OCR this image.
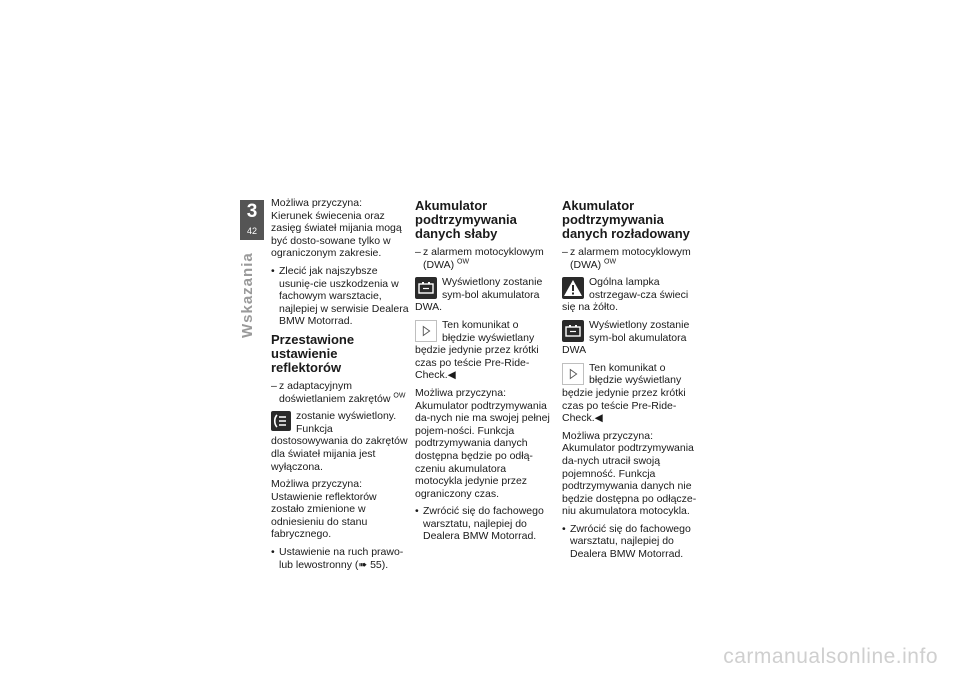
3
42
Wskazania
Możliwa przyczyna:
Kierunek świecenia oraz zasięg świateł mijania mogą być dosto-sowane tylko w ograniczonym zakresie.
• Zlecić jak najszybsze usunię-cie uszkodzenia w fachowym warsztacie, najlepiej w serwisie Dealera BMW Motorrad.
Przestawione ustawienie reflektorów
– z adaptacyjnym doświetlaniem zakrętów $^{OW}$
zostanie wyświetlony. Funkcja dostosowywania do zakrętów dla świateł mijania jest wyłączona.
Możliwa przyczyna:
Ustawienie reflektorów zostało zmienione w odniesieniu do stanu fabrycznego.
• Ustawienie na ruch prawo- lub lewostronny (➠ 55).
Akumulator podtrzymywania danych słaby
– z alarmem motocyklowym (DWA) $^{OW}$
Wyświetlony zostanie sym-bol akumulatora DWA.
Ten komunikat o błędzie wyświetlany będzie jedynie przez krótki czas po teście Pre-Ride-Check.◀
Możliwa przyczyna:
Akumulator podtrzymywania da-nych nie ma swojej pełnej pojem-ności. Funkcja podtrzymywania danych dostępna będzie po odłą-czeniu akumulatora motocykla jedynie przez ograniczony czas.
• Zwrócić się do fachowego warsztatu, najlepiej do Dealera BMW Motorrad.
Akumulator podtrzymywania danych rozładowany
– z alarmem motocyklowym (DWA) $^{OW}$
Ogólna lampka ostrzegaw-cza świeci się na żółto.
Wyświetlony zostanie sym-bol akumulatora DWA
Ten komunikat o błędzie wyświetlany będzie jedynie przez krótki czas po teście Pre-Ride-Check.◀
Możliwa przyczyna:
Akumulator podtrzymywania da-nych utracił swoją pojemność. Funkcja podtrzymywania danych nie będzie dostępna po odłącze-niu akumulatora motocykla.
• Zwrócić się do fachowego warsztatu, najlepiej do Dealera BMW Motorrad.
carmanualsonline.info
